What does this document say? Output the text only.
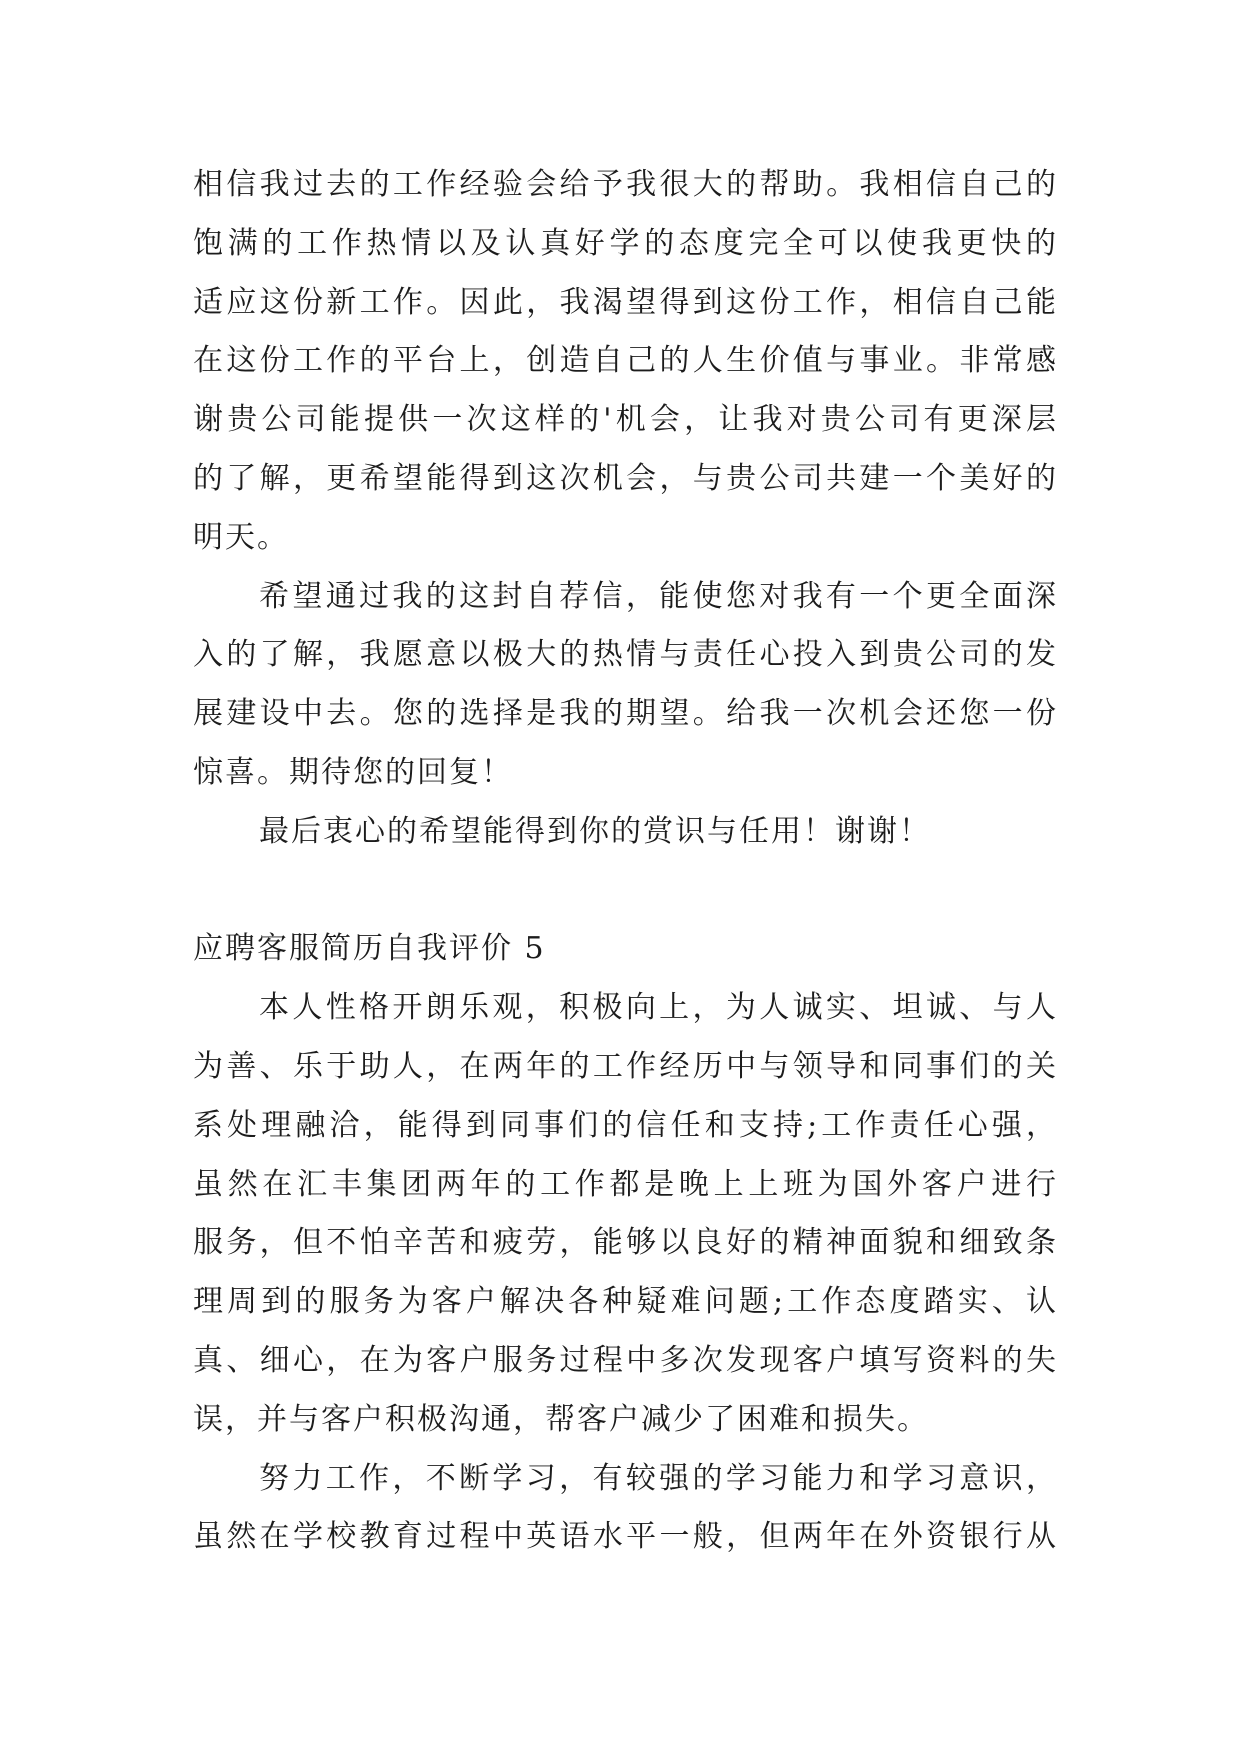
相信我过去的工作经验会给予我很大的帮助。我相信自己的
饱满的工作热情以及认真好学的态度完全可以使我更快的
适应这份新工作。因此，我渴望得到这份工作，相信自己能
在这份工作的平台上，创造自己的人生价值与事业。非常感
谢贵公司能提供一次这样的'机会，让我对贵公司有更深层
的了解，更希望能得到这次机会，与贵公司共建一个美好的
明天。
希望通过我的这封自荐信，能使您对我有一个更全面深
入的了解，我愿意以极大的热情与责任心投入到贵公司的发
展建设中去。您的选择是我的期望。给我一次机会还您一份
惊喜。期待您的回复！
最后衷心的希望能得到你的赏识与任用！谢谢！
应聘客服简历自我评价 5
本人性格开朗乐观，积极向上，为人诚实、坦诚、与人
为善、乐于助人，在两年的工作经历中与领导和同事们的关
系处理融洽，能得到同事们的信任和支持;工作责任心强，
虽然在汇丰集团两年的工作都是晚上上班为国外客户进行
服务，但不怕辛苦和疲劳，能够以良好的精神面貌和细致条
理周到的服务为客户解决各种疑难问题;工作态度踏实、认
真、细心，在为客户服务过程中多次发现客户填写资料的失
误，并与客户积极沟通，帮客户减少了困难和损失。
努力工作，不断学习，有较强的学习能力和学习意识，
虽然在学校教育过程中英语水平一般，但两年在外资银行从
